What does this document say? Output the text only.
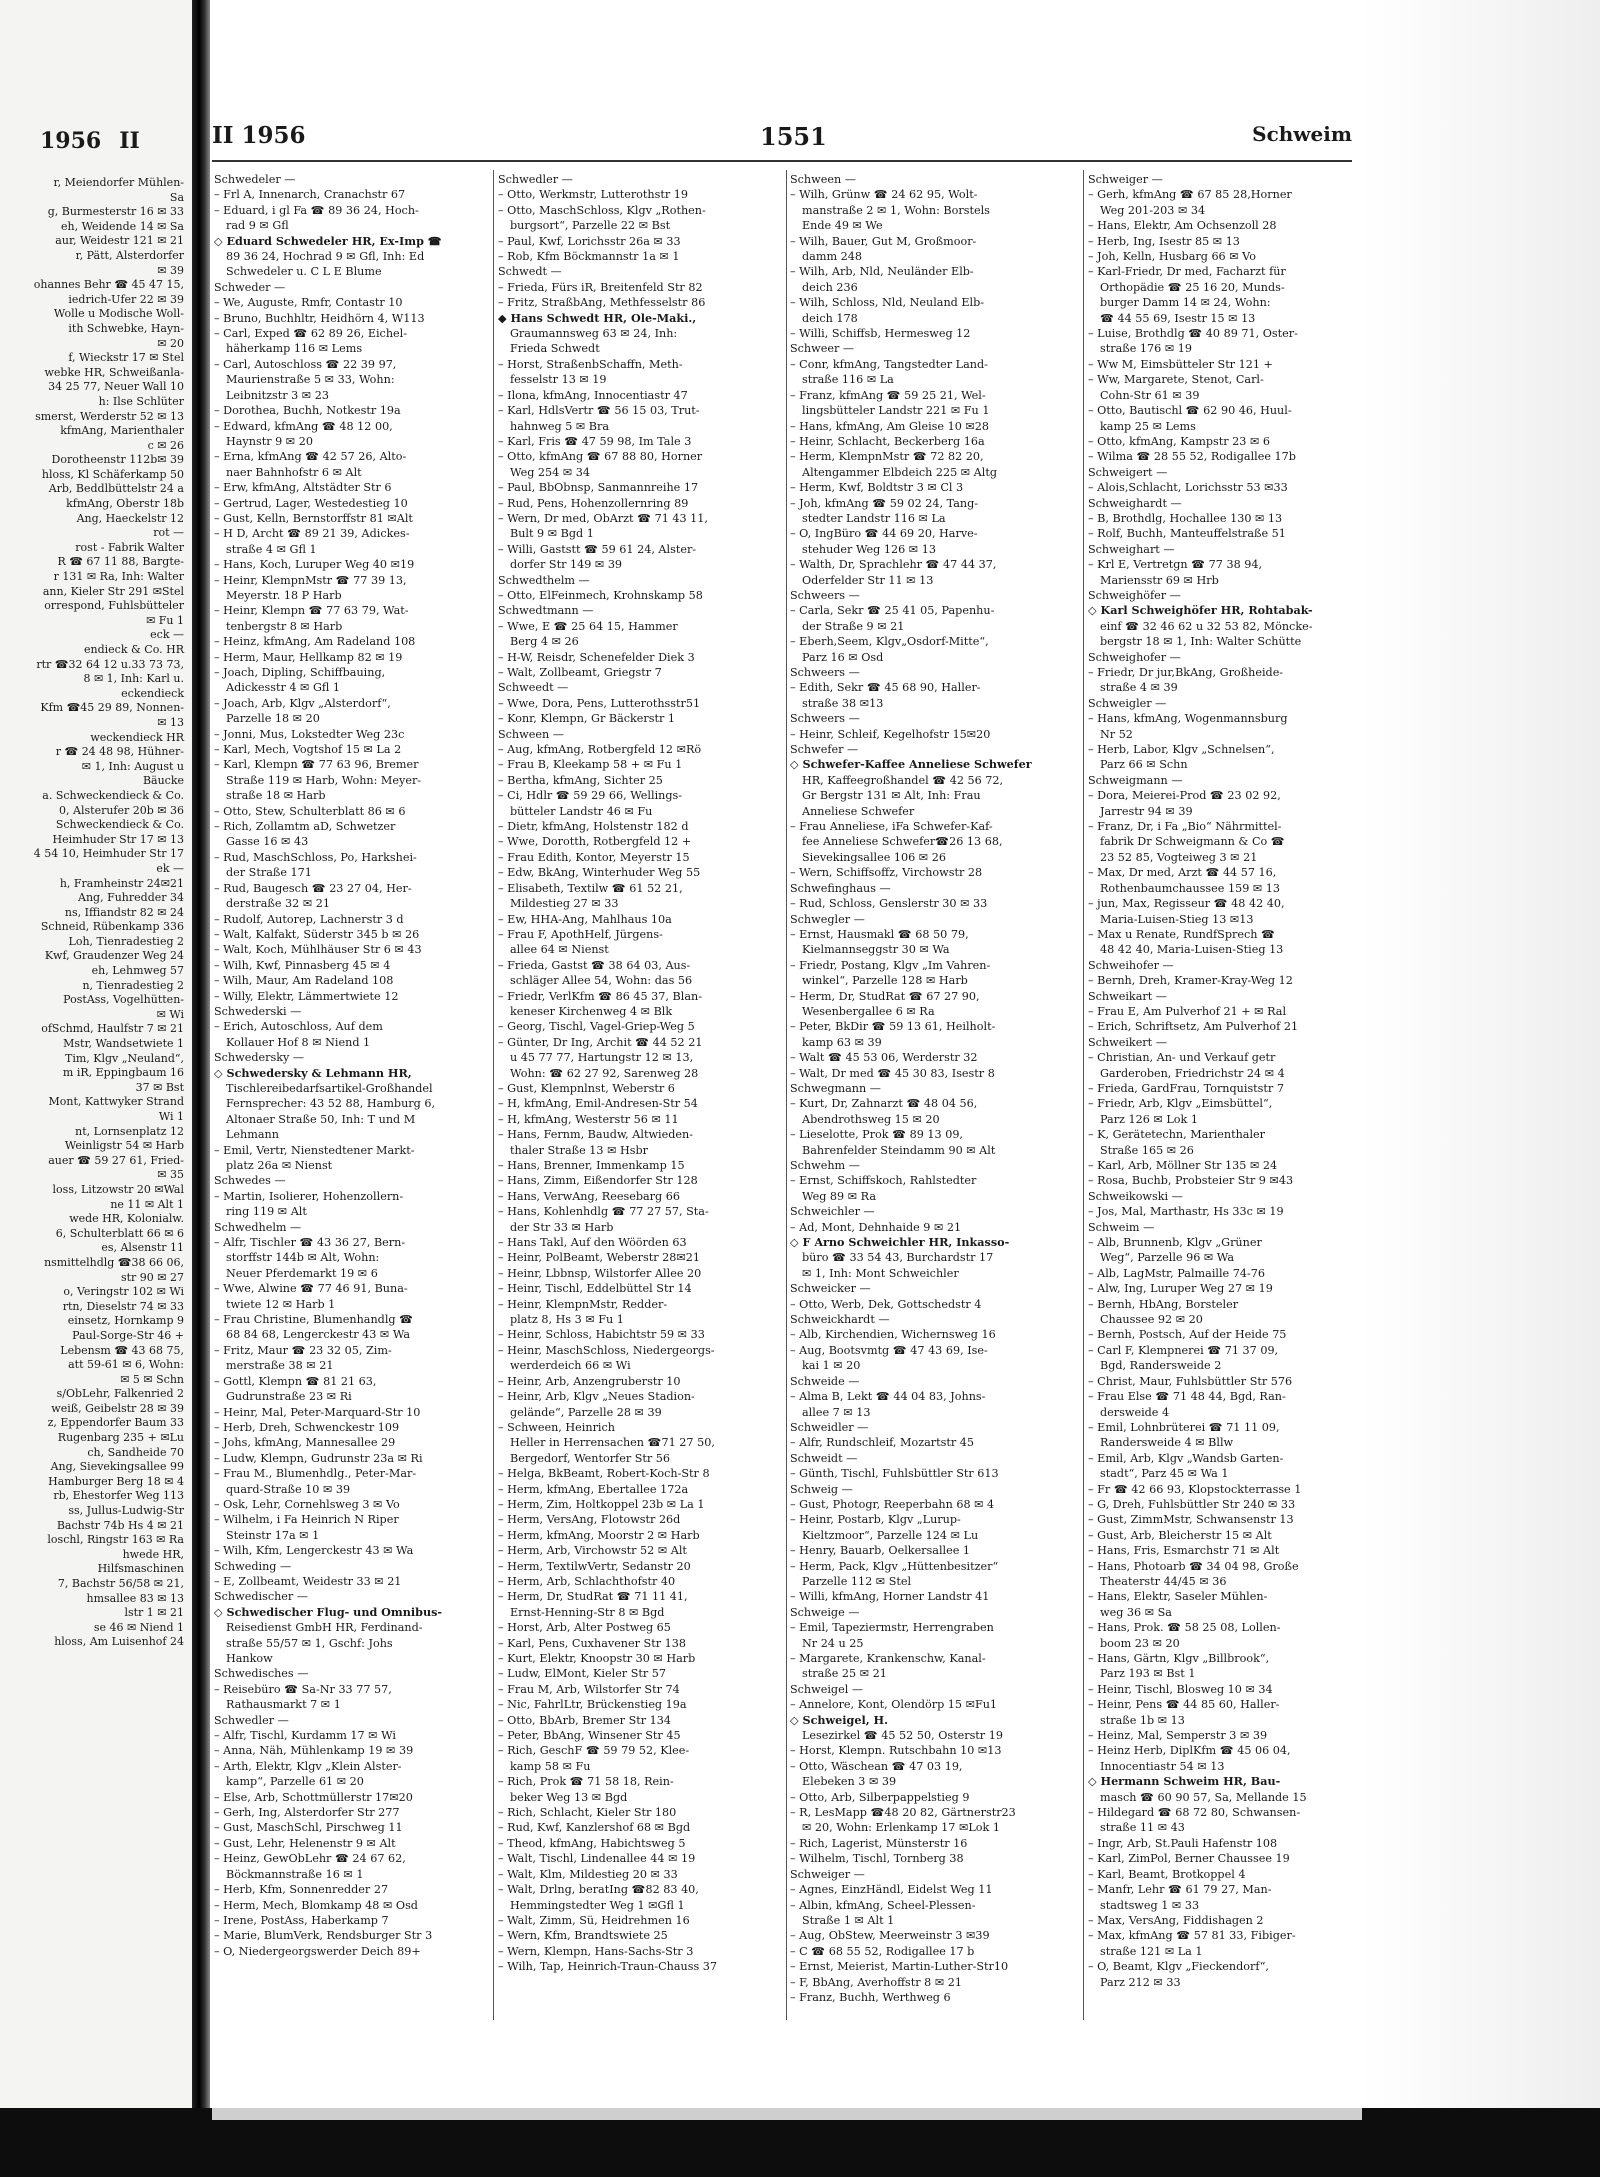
1956 II
r, Meiendorfer Mühlen-
Sa
g, Burmesterstr 16 ✉ 33
eh, Weidende 14 ✉ Sa
aur, Weidestr 121 ✉ 21
r, Pätt, Alsterdorfer
✉ 39
ohannes Behr ☎ 45 47 15,
iedrich-Ufer 22 ✉ 39
Wolle u Modische Woll-
ith Schwebke, Hayn-
✉ 20
f, Wieckstr 17 ✉ Stel
webke HR, Schweißanla-
34 25 77, Neuer Wall 10
h: Ilse Schlüter
smerst, Werderstr 52 ✉ 13
kfmAng, Marienthaler
c ✉ 26
Dorotheenstr 112b✉ 39
hloss, Kl Schäferkamp 50
Arb, Beddlbüttelstr 24 a
kfmAng, Oberstr 18b
Ang, Haeckelstr 12
rot —
rost - Fabrik Walter
R ☎ 67 11 88, Bargte-
r 131 ✉ Ra, Inh: Walter
ann, Kieler Str 291 ✉Stel
orrespond, Fuhlsbütteler
✉ Fu 1
eck —
endieck & Co. HR
rtr ☎32 64 12 u.33 73 73,
8 ✉ 1, Inh: Karl u.
eckendieck
Kfm ☎45 29 89, Nonnen-
✉ 13
weckendieck HR
r ☎ 24 48 98, Hühner-
✉ 1, Inh: August u
Bäucke
a. Schweckendieck & Co.
0, Alsterufer 20b ✉ 36
Schweckendieck & Co.
Heimhuder Str 17 ✉ 13
4 54 10, Heimhuder Str 17
ek —
h, Framheinstr 24✉21
Ang, Fuhredder 34
ns, Iffiandstr 82 ✉ 24
Schneid, Rübenkamp 336
Loh, Tienradestieg 2
Kwf, Graudenzer Weg 24
eh, Lehmweg 57
n, Tienradestieg 2
PostAss, Vogelhütten-
✉ Wi
ofSchmd, Haulfstr 7 ✉ 21
Mstr, Wandsetwiete 1
Tim, Klgv „Neuland“,
m iR, Eppingbaum 16
37 ✉ Bst
Mont, Kattwyker Strand
Wi 1
nt, Lornsenplatz 12
Weinligstr 54 ✉ Harb
auer ☎ 59 27 61, Fried-
✉ 35
loss, Litzowstr 20 ✉Wal
ne 11 ✉ Alt 1
wede HR, Kolonialw.
6, Schulterblatt 66 ✉ 6
es, Alsenstr 11
nsmittelhdlg ☎38 66 06,
str 90 ✉ 27
o, Veringstr 102 ✉ Wi
rtn, Dieselstr 74 ✉ 33
einsetz, Hornkamp 9
Paul-Sorge-Str 46 +
Lebensm ☎ 43 68 75,
att 59-61 ✉ 6, Wohn:
✉ 5 ✉ Schn
s/ObLehr, Falkenried 2
weiß, Geibelstr 28 ✉ 39
z, Eppendorfer Baum 33
Rugenbarg 235 + ✉Lu
ch, Sandheide 70
Ang, Sievekingsallee 99
Hamburger Berg 18 ✉ 4
rb, Ehestorfer Weg 113
ss, Jullus-Ludwig-Str
Bachstr 74b Hs 4 ✉ 21
loschl, Ringstr 163 ✉ Ra
hwede HR,
Hilfsmaschinen
7, Bachstr 56/58 ✉ 21,
hmsallee 83 ✉ 13
lstr 1 ✉ 21
se 46 ✉ Niend 1
hloss, Am Luisenhof 24
II 1956	1551	Schweim
Schwedeler —
– Frl A, Innenarch, Cranachstr 67
– Eduard, i gl Fa ☎ 89 36 24, Hoch-
rad 9 ✉ Gfl
◇ Eduard Schwedeler HR, Ex-Imp ☎
89 36 24, Hochrad 9 ✉ Gfl, Inh: Ed
Schwedeler u. C L E Blume
Schweder —
– We, Auguste, Rmfr, Contastr 10
– Bruno, Buchhltr, Heidhörn 4, W113
– Carl, Exped ☎ 62 89 26, Eichel-
häherkamp 116 ✉ Lems
– Carl, Autoschloss ☎ 22 39 97,
Maurienstraße 5 ✉ 33, Wohn:
Leibnitzstr 3 ✉ 23
– Dorothea, Buchh, Notkestr 19a
– Edward, kfmAng ☎ 48 12 00,
Haynstr 9 ✉ 20
– Erna, kfmAng ☎ 42 57 26, Alto-
naer Bahnhofstr 6 ✉ Alt
– Erw, kfmAng, Altstädter Str 6
– Gertrud, Lager, Westedestieg 10
– Gust, Kelln, Bernstorffstr 81 ✉Alt
– H D, Archt ☎ 89 21 39, Adickes-
straße 4 ✉ Gfl 1
– Hans, Koch, Luruper Weg 40 ✉19
– Heinr, KlempnMstr ☎ 77 39 13,
Meyerstr. 18 P Harb
– Heinr, Klempn ☎ 77 63 79, Wat-
tenbergstr 8 ✉ Harb
– Heinz, kfmAng, Am Radeland 108
– Herm, Maur, Hellkamp 82 ✉ 19
– Joach, Dipling, Schiffbauing,
Adickesstr 4 ✉ Gfl 1
– Joach, Arb, Klgv „Alsterdorf“,
Parzelle 18 ✉ 20
– Jonni, Mus, Lokstedter Weg 23c
– Karl, Mech, Vogtshof 15 ✉ La 2
– Karl, Klempn ☎ 77 63 96, Bremer
Straße 119 ✉ Harb, Wohn: Meyer-
straße 18 ✉ Harb
– Otto, Stew, Schulterblatt 86 ✉ 6
– Rich, Zollamtm aD, Schwetzer
Gasse 16 ✉ 43
– Rud, MaschSchloss, Po, Harkshei-
der Straße 171
– Rud, Baugesch ☎ 23 27 04, Her-
derstraße 32 ✉ 21
– Rudolf, Autorep, Lachnerstr 3 d
– Walt, Kalfakt, Süderstr 345 b ✉ 26
– Walt, Koch, Mühlhäuser Str 6 ✉ 43
– Wilh, Kwf, Pinnasberg 45 ✉ 4
– Wilh, Maur, Am Radeland 108
– Willy, Elektr, Lämmertwiete 12
Schwederski —
– Erich, Autoschloss, Auf dem
Kollauer Hof 8 ✉ Niend 1
Schwedersky —
◇ Schwedersky & Lehmann HR,
Tischlereibedarfsartikel-Großhandel
Fernsprecher: 43 52 88, Hamburg 6,
Altonaer Straße 50, Inh: T und M
Lehmann
– Emil, Vertr, Nienstedtener Markt-
platz 26a ✉ Nienst
Schwedes —
– Martin, Isolierer, Hohenzollern-
ring 119 ✉ Alt
Schwedhelm —
– Alfr, Tischler ☎ 43 36 27, Bern-
storffstr 144b ✉ Alt, Wohn:
Neuer Pferdemarkt 19 ✉ 6
– Wwe, Alwine ☎ 77 46 91, Buna-
twiete 12 ✉ Harb 1
– Frau Christine, Blumenhandlg ☎
68 84 68, Lengerckestr 43 ✉ Wa
– Fritz, Maur ☎ 23 32 05, Zim-
merstraße 38 ✉ 21
– Gottl, Klempn ☎ 81 21 63,
Gudrunstraße 23 ✉ Ri
– Heinr, Mal, Peter-Marquard-Str 10
– Herb, Dreh, Schwenckestr 109
– Johs, kfmAng, Mannesallee 29
– Ludw, Klempn, Gudrunstr 23a ✉ Ri
– Frau M., Blumenhdlg., Peter-Mar-
quard-Straße 10 ✉ 39
– Osk, Lehr, Cornehlsweg 3 ✉ Vo
– Wilhelm, i Fa Heinrich N Riper
Steinstr 17a ✉ 1
– Wilh, Kfm, Lengerckestr 43 ✉ Wa
Schweding —
– E, Zollbeamt, Weidestr 33 ✉ 21
Schwedischer —
◇ Schwedischer Flug- und Omnibus-
Reisedienst GmbH HR, Ferdinand-
straße 55/57 ✉ 1, Gschf: Johs
Hankow
Schwedisches —
– Reisebüro ☎ Sa-Nr 33 77 57,
Rathausmarkt 7 ✉ 1
Schwedler —
– Alfr, Tischl, Kurdamm 17 ✉ Wi
– Anna, Näh, Mühlenkamp 19 ✉ 39
– Arth, Elektr, Klgv „Klein Alster-
kamp“, Parzelle 61 ✉ 20
– Else, Arb, Schottmüllerstr 17✉20
– Gerh, Ing, Alsterdorfer Str 277
– Gust, MaschSchl, Pirschweg 11
– Gust, Lehr, Helenenstr 9 ✉ Alt
– Heinz, GewObLehr ☎ 24 67 62,
Böckmannstraße 16 ✉ 1
– Herb, Kfm, Sonnenredder 27
– Herm, Mech, Blomkamp 48 ✉ Osd
– Irene, PostAss, Haberkamp 7
– Marie, BlumVerk, Rendsburger Str 3
– O, Niedergeorgswerder Deich 89+
Schwedler —
– Otto, Werkmstr, Lutterothstr 19
– Otto, MaschSchloss, Klgv „Rothen-
burgsort“, Parzelle 22 ✉ Bst
– Paul, Kwf, Lorichsstr 26a ✉ 33
– Rob, Kfm Böckmannstr 1a ✉ 1
Schwedt —
– Frieda, Fürs iR, Breitenfeld Str 82
– Fritz, StraßbAng, Methfesselstr 86
◆ Hans Schwedt HR, Ole-Maki.,
Graumannsweg 63 ✉ 24, Inh:
Frieda Schwedt
– Horst, StraßenbSchaffn, Meth-
fesselstr 13 ✉ 19
– Ilona, kfmAng, Innocentiastr 47
– Karl, HdlsVertr ☎ 56 15 03, Trut-
hahnweg 5 ✉ Bra
– Karl, Fris ☎ 47 59 98, Im Tale 3
– Otto, kfmAng ☎ 67 88 80, Horner
Weg 254 ✉ 34
– Paul, BbObnsp, Sanmannreihe 17
– Rud, Pens, Hohenzollernring 89
– Wern, Dr med, ObArzt ☎ 71 43 11,
Bult 9 ✉ Bgd 1
– Willi, Gaststt ☎ 59 61 24, Alster-
dorfer Str 149 ✉ 39
Schwedthelm —
– Otto, ElFeinmech, Krohnskamp 58
Schwedtmann —
– Wwe, E ☎ 25 64 15, Hammer
Berg 4 ✉ 26
– H-W, Reisdr, Schenefelder Diek 3
– Walt, Zollbeamt, Griegstr 7
Schweedt —
– Wwe, Dora, Pens, Lutterothsstr51
– Konr, Klempn, Gr Bäckerstr 1
Schween —
– Aug, kfmAng, Rotbergfeld 12 ✉Rö
– Frau B, Kleekamp 58 + ✉ Fu 1
– Bertha, kfmAng, Sichter 25
– Ci, Hdlr ☎ 59 29 66, Wellings-
bütteler Landstr 46 ✉ Fu
– Dietr, kfmAng, Holstenstr 182 d
– Wwe, Dorotth, Rotbergfeld 12 +
– Frau Edith, Kontor, Meyerstr 15
– Edw, BkAng, Winterhuder Weg 55
– Elisabeth, Textilw ☎ 61 52 21,
Mildestieg 27 ✉ 33
– Ew, HHA-Ang, Mahlhaus 10a
– Frau F, ApothHelf, Jürgens-
allee 64 ✉ Nienst
– Frieda, Gastst ☎ 38 64 03, Aus-
schläger Allee 54, Wohn: das 56
– Friedr, VerlKfm ☎ 86 45 37, Blan-
keneser Kirchenweg 4 ✉ Blk
– Georg, Tischl, Vagel-Griep-Weg 5
– Günter, Dr Ing, Archit ☎ 44 52 21
u 45 77 77, Hartungstr 12 ✉ 13,
Wohn: ☎ 62 27 92, Sarenweg 28
– Gust, Klempnlnst, Weberstr 6
– H, kfmAng, Emil-Andresen-Str 54
– H, kfmAng, Westerstr 56 ✉ 11
– Hans, Fernm, Baudw, Altwieden-
thaler Straße 13 ✉ Hsbr
– Hans, Brenner, Immenkamp 15
– Hans, Zimm, Eißendorfer Str 128
– Hans, VerwAng, Reesebarg 66
– Hans, Kohlenhdlg ☎ 77 27 57, Sta-
der Str 33 ✉ Harb
– Hans Takl, Auf den Wöörden 63
– Heinr, PolBeamt, Weberstr 28✉21
– Heinr, Lbbnsp, Wilstorfer Allee 20
– Heinr, Tischl, Eddelbüttel Str 14
– Heinr, KlempnMstr, Redder-
platz 8, Hs 3 ✉ Fu 1
– Heinr, Schloss, Habichtstr 59 ✉ 33
– Heinr, MaschSchloss, Niedergeorgs-
werderdeich 66 ✉ Wi
– Heinr, Arb, Anzengruberstr 10
– Heinr, Arb, Klgv „Neues Stadion-
gelände“, Parzelle 28 ✉ 39
– Schween, Heinrich
Heller in Herrensachen ☎71 27 50,
Bergedorf, Wentorfer Str 56
– Helga, BkBeamt, Robert-Koch-Str 8
– Herm, kfmAng, Ebertallee 172a
– Herm, Zim, Holtkoppel 23b ✉ La 1
– Herm, VersAng, Flotowstr 26d
– Herm, kfmAng, Moorstr 2 ✉ Harb
– Herm, Arb, Virchowstr 52 ✉ Alt
– Herm, TextilwVertr, Sedanstr 20
– Herm, Arb, Schlachthofstr 40
– Herm, Dr, StudRat ☎ 71 11 41,
Ernst-Henning-Str 8 ✉ Bgd
– Horst, Arb, Alter Postweg 65
– Karl, Pens, Cuxhavener Str 138
– Kurt, Elektr, Knoopstr 30 ✉ Harb
– Ludw, ElMont, Kieler Str 57
– Frau M, Arb, Wilstorfer Str 74
– Nic, FahrlLtr, Brückenstieg 19a
– Otto, BbArb, Bremer Str 134
– Peter, BbAng, Winsener Str 45
– Rich, GeschF ☎ 59 79 52, Klee-
kamp 58 ✉ Fu
– Rich, Prok ☎ 71 58 18, Rein-
beker Weg 13 ✉ Bgd
– Rich, Schlacht, Kieler Str 180
– Rud, Kwf, Kanzlershof 68 ✉ Bgd
– Theod, kfmAng, Habichtsweg 5
– Walt, Tischl, Lindenallee 44 ✉ 19
– Walt, Klm, Mildestieg 20 ✉ 33
– Walt, Drlng, beratIng ☎82 83 40,
Hemmingstedter Weg 1 ✉Gfl 1
– Walt, Zimm, Sü, Heidrehmen 16
– Wern, Kfm, Brandtswiete 25
– Wern, Klempn, Hans-Sachs-Str 3
– Wilh, Tap, Heinrich-Traun-Chauss 37
Schween —
– Wilh, Grünw ☎ 24 62 95, Wolt-
manstraße 2 ✉ 1, Wohn: Borstels
Ende 49 ✉ We
– Wilh, Bauer, Gut M, Großmoor-
damm 248
– Wilh, Arb, Nld, Neuländer Elb-
deich 236
– Wilh, Schloss, Nld, Neuland Elb-
deich 178
– Willi, Schiffsb, Hermesweg 12
Schweer —
– Conr, kfmAng, Tangstedter Land-
straße 116 ✉ La
– Franz, kfmAng ☎ 59 25 21, Wel-
lingsbütteler Landstr 221 ✉ Fu 1
– Hans, kfmAng, Am Gleise 10 ✉28
– Heinr, Schlacht, Beckerberg 16a
– Herm, KlempnMstr ☎ 72 82 20,
Altengammer Elbdeich 225 ✉ Altg
– Herm, Kwf, Boldtstr 3 ✉ Cl 3
– Joh, kfmAng ☎ 59 02 24, Tang-
stedter Landstr 116 ✉ La
– O, IngBüro ☎ 44 69 20, Harve-
stehuder Weg 126 ✉ 13
– Walth, Dr, Sprachlehr ☎ 47 44 37,
Oderfelder Str 11 ✉ 13
Schweers —
– Carla, Sekr ☎ 25 41 05, Papenhu-
der Straße 9 ✉ 21
– Eberh,Seem, Klgv„Osdorf-Mitte“,
Parz 16 ✉ Osd
Schweers —
– Edith, Sekr ☎ 45 68 90, Haller-
straße 38 ✉13
Schweers —
– Heinr, Schleif, Kegelhofstr 15✉20
Schwefer —
◇ Schwefer-Kaffee Anneliese Schwefer
HR, Kaffeegroßhandel ☎ 42 56 72,
Gr Bergstr 131 ✉ Alt, Inh: Frau
Anneliese Schwefer
– Frau Anneliese, iFa Schwefer-Kaf-
fee Anneliese Schwefer☎26 13 68,
Sievekingsallee 106 ✉ 26
– Wern, Schiffsoffz, Virchowstr 28
Schwefinghaus —
– Rud, Schloss, Genslerstr 30 ✉ 33
Schwegler —
– Ernst, Hausmakl ☎ 68 50 79,
Kielmannseggstr 30 ✉ Wa
– Friedr, Postang, Klgv „Im Vahren-
winkel“, Parzelle 128 ✉ Harb
– Herm, Dr, StudRat ☎ 67 27 90,
Wesenbergallee 6 ✉ Ra
– Peter, BkDir ☎ 59 13 61, Heilholt-
kamp 63 ✉ 39
– Walt ☎ 45 53 06, Werderstr 32
– Walt, Dr med ☎ 45 30 83, Isestr 8
Schwegmann —
– Kurt, Dr, Zahnarzt ☎ 48 04 56,
Abendrothsweg 15 ✉ 20
– Lieselotte, Prok ☎ 89 13 09,
Bahrenfelder Steindamm 90 ✉ Alt
Schwehm —
– Ernst, Schiffskoch, Rahlstedter
Weg 89 ✉ Ra
Schweichler —
– Ad, Mont, Dehnhaide 9 ✉ 21
◇ F Arno Schweichler HR, Inkasso-
büro ☎ 33 54 43, Burchardstr 17
✉ 1, Inh: Mont Schweichler
Schweicker —
– Otto, Werb, Dek, Gottschedstr 4
Schweickhardt —
– Alb, Kirchendien, Wichernsweg 16
– Aug, Bootsvmtg ☎ 47 43 69, Ise-
kai 1 ✉ 20
Schweide —
– Alma B, Lekt ☎ 44 04 83, Johns-
allee 7 ✉ 13
Schweidler —
– Alfr, Rundschleif, Mozartstr 45
Schweidt —
– Günth, Tischl, Fuhlsbüttler Str 613
Schweig —
– Gust, Photogr, Reeperbahn 68 ✉ 4
– Heinr, Postarb, Klgv „Lurup-
Kieltzmoor“, Parzelle 124 ✉ Lu
– Henry, Bauarb, Oelkersallee 1
– Herm, Pack, Klgv „Hüttenbesitzer“
Parzelle 112 ✉ Stel
– Willi, kfmAng, Horner Landstr 41
Schweige —
– Emil, Tapeziermstr, Herrengraben
Nr 24 u 25
– Margarete, Krankenschw, Kanal-
straße 25 ✉ 21
Schweigel —
– Annelore, Kont, Olendörp 15 ✉Fu1
◇ Schweigel, H.
Lesezirkel ☎ 45 52 50, Osterstr 19
– Horst, Klempn. Rutschbahn 10 ✉13
– Otto, Wäschean ☎ 47 03 19,
Elebeken 3 ✉ 39
– Otto, Arb, Silberpappelstieg 9
– R, LesMapp ☎48 20 82, Gärtnerstr23
✉ 20, Wohn: Erlenkamp 17 ✉Lok 1
– Rich, Lagerist, Münsterstr 16
– Wilhelm, Tischl, Tornberg 38
Schweiger —
– Agnes, EinzHändl, Eidelst Weg 11
– Albin, kfmAng, Scheel-Plessen-
Straße 1 ✉ Alt 1
– Aug, ObStew, Meerweinstr 3 ✉39
– C ☎ 68 55 52, Rodigallee 17 b
– Ernst, Meierist, Martin-Luther-Str10
– F, BbAng, Averhoffstr 8 ✉ 21
– Franz, Buchh, Werthweg 6
Schweiger —
– Gerh, kfmAng ☎ 67 85 28,Horner
Weg 201-203 ✉ 34
– Hans, Elektr, Am Ochsenzoll 28
– Herb, Ing, Isestr 85 ✉ 13
– Joh, Kelln, Husbarg 66 ✉ Vo
– Karl-Friedr, Dr med, Facharzt für
Orthopädie ☎ 25 16 20, Munds-
burger Damm 14 ✉ 24, Wohn:
☎ 44 55 69, Isestr 15 ✉ 13
– Luise, Brothdlg ☎ 40 89 71, Oster-
straße 176 ✉ 19
– Ww M, Eimsbütteler Str 121 +
– Ww, Margarete, Stenot, Carl-
Cohn-Str 61 ✉ 39
– Otto, Bautischl ☎ 62 90 46, Huul-
kamp 25 ✉ Lems
– Otto, kfmAng, Kampstr 23 ✉ 6
– Wilma ☎ 28 55 52, Rodigallee 17b
Schweigert —
– Alois,Schlacht, Lorichsstr 53 ✉33
Schweighardt —
– B, Brothdlg, Hochallee 130 ✉ 13
– Rolf, Buchh, Manteuffelstraße 51
Schweighart —
– Krl E, Vertretgn ☎ 77 38 94,
Mariensstr 69 ✉ Hrb
Schweighöfer —
◇ Karl Schweighöfer HR, Rohtabak-
einf ☎ 32 46 62 u 32 53 82, Möncke-
bergstr 18 ✉ 1, Inh: Walter Schütte
Schweighofer —
– Friedr, Dr jur,BkAng, Großheide-
straße 4 ✉ 39
Schweigler —
– Hans, kfmAng, Wogenmannsburg
Nr 52
– Herb, Labor, Klgv „Schnelsen“,
Parz 66 ✉ Schn
Schweigmann —
– Dora, Meierei-Prod ☎ 23 02 92,
Jarrestr 94 ✉ 39
– Franz, Dr, i Fa „Bio“ Nährmittel-
fabrik Dr Schweigmann & Co ☎
23 52 85, Vogteiweg 3 ✉ 21
– Max, Dr med, Arzt ☎ 44 57 16,
Rothenbaumchaussee 159 ✉ 13
– jun, Max, Regisseur ☎ 48 42 40,
Maria-Luisen-Stieg 13 ✉13
– Max u Renate, RundfSprech ☎
48 42 40, Maria-Luisen-Stieg 13
Schweihofer —
– Bernh, Dreh, Kramer-Kray-Weg 12
Schweikart —
– Frau E, Am Pulverhof 21 + ✉ Ral
– Erich, Schriftsetz, Am Pulverhof 21
Schweikert —
– Christian, An- und Verkauf getr
Garderoben, Friedrichstr 24 ✉ 4
– Frieda, GardFrau, Tornquiststr 7
– Friedr, Arb, Klgv „Eimsbüttel“,
Parz 126 ✉ Lok 1
– K, Gerätetechn, Marienthaler
Straße 165 ✉ 26
– Karl, Arb, Möllner Str 135 ✉ 24
– Rosa, Buchb, Probsteier Str 9 ✉43
Schweikowski —
– Jos, Mal, Marthastr, Hs 33c ✉ 19
Schweim —
– Alb, Brunnenb, Klgv „Grüner
Weg“, Parzelle 96 ✉ Wa
– Alb, LagMstr, Palmaille 74-76
– Alw, Ing, Luruper Weg 27 ✉ 19
– Bernh, HbAng, Borsteler
Chaussee 92 ✉ 20
– Bernh, Postsch, Auf der Heide 75
– Carl F, Klempnerei ☎ 71 37 09,
Bgd, Randersweide 2
– Christ, Maur, Fuhlsbüttler Str 576
– Frau Else ☎ 71 48 44, Bgd, Ran-
dersweide 4
– Emil, Lohnbrüterei ☎ 71 11 09,
Randersweide 4 ✉ Bllw
– Emil, Arb, Klgv „Wandsb Garten-
stadt“, Parz 45 ✉ Wa 1
– Fr ☎ 42 66 93, Klopstockterrasse 1
– G, Dreh, Fuhlsbüttler Str 240 ✉ 33
– Gust, ZimmMstr, Schwansenstr 13
– Gust, Arb, Bleicherstr 15 ✉ Alt
– Hans, Fris, Esmarchstr 71 ✉ Alt
– Hans, Photoarb ☎ 34 04 98, Große
Theaterstr 44/45 ✉ 36
– Hans, Elektr, Saseler Mühlen-
weg 36 ✉ Sa
– Hans, Prok. ☎ 58 25 08, Lollen-
boom 23 ✉ 20
– Hans, Gärtn, Klgv „Billbrook“,
Parz 193 ✉ Bst 1
– Heinr, Tischl, Blosweg 10 ✉ 34
– Heinr, Pens ☎ 44 85 60, Haller-
straße 1b ✉ 13
– Heinz, Mal, Semperstr 3 ✉ 39
– Heinz Herb, DiplKfm ☎ 45 06 04,
Innocentiastr 54 ✉ 13
◇ Hermann Schweim HR, Bau-
masch ☎ 60 90 57, Sa, Mellande 15
– Hildegard ☎ 68 72 80, Schwansen-
straße 11 ✉ 43
– Ingr, Arb, St.Pauli Hafenstr 108
– Karl, ZimPol, Berner Chaussee 19
– Karl, Beamt, Brotkoppel 4
– Manfr, Lehr ☎ 61 79 27, Man-
stadtsweg 1 ✉ 33
– Max, VersAng, Fiddishagen 2
– Max, kfmAng ☎ 57 81 33, Fibiger-
straße 121 ✉ La 1
– O, Beamt, Klgv „Fieckendorf“,
Parz 212 ✉ 33
